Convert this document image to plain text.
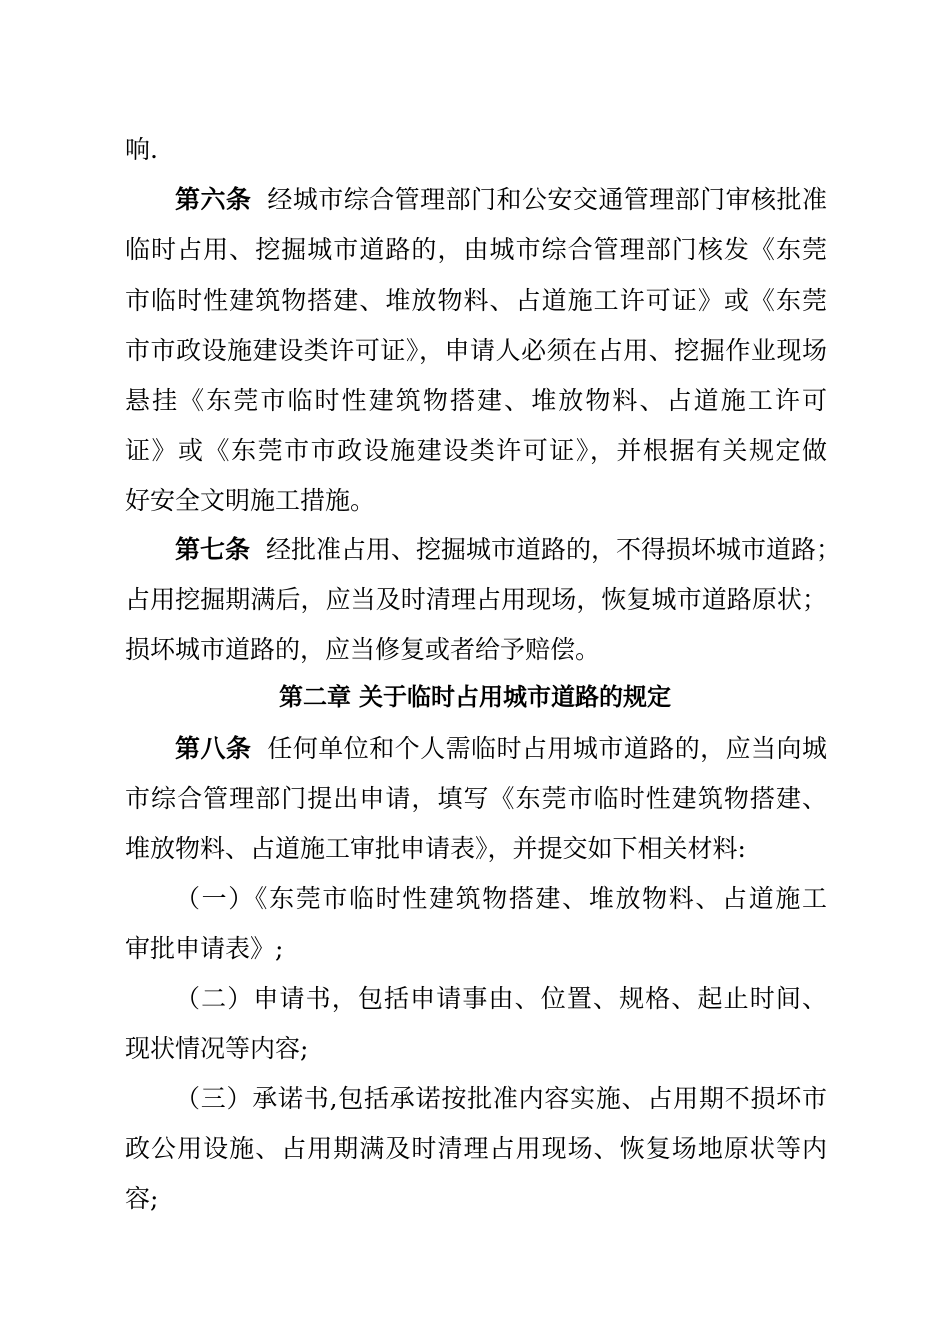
响.
第六条 经城市综合管理部门和公安交通管理部门审核批准
临时占用、挖掘城市道路的，由城市综合管理部门核发《东莞
市临时性建筑物搭建、堆放物料、占道施工许可证》或《东莞
市市政设施建设类许可证》，申请人必须在占用、挖掘作业现场
悬挂《东莞市临时性建筑物搭建、堆放物料、占道施工许可
证》或《东莞市市政设施建设类许可证》，并根据有关规定做
好安全文明施工措施。
第七条 经批准占用、挖掘城市道路的，不得损坏城市道路；
占用挖掘期满后，应当及时清理占用现场，恢复城市道路原状；
损坏城市道路的，应当修复或者给予赔偿。
第二章 关于临时占用城市道路的规定
第八条 任何单位和个人需临时占用城市道路的，应当向城
市综合管理部门提出申请，填写《东莞市临时性建筑物搭建、
堆放物料、占道施工审批申请表》，并提交如下相关材料:
（一）《东莞市临时性建筑物搭建、堆放物料、占道施工
审批申请表》;
（二）申请书，包括申请事由、位置、规格、起止时间、
现状情况等内容;
（三）承诺书,包括承诺按批准内容实施、占用期不损坏市
政公用设施、占用期满及时清理占用现场、恢复场地原状等内
容;
